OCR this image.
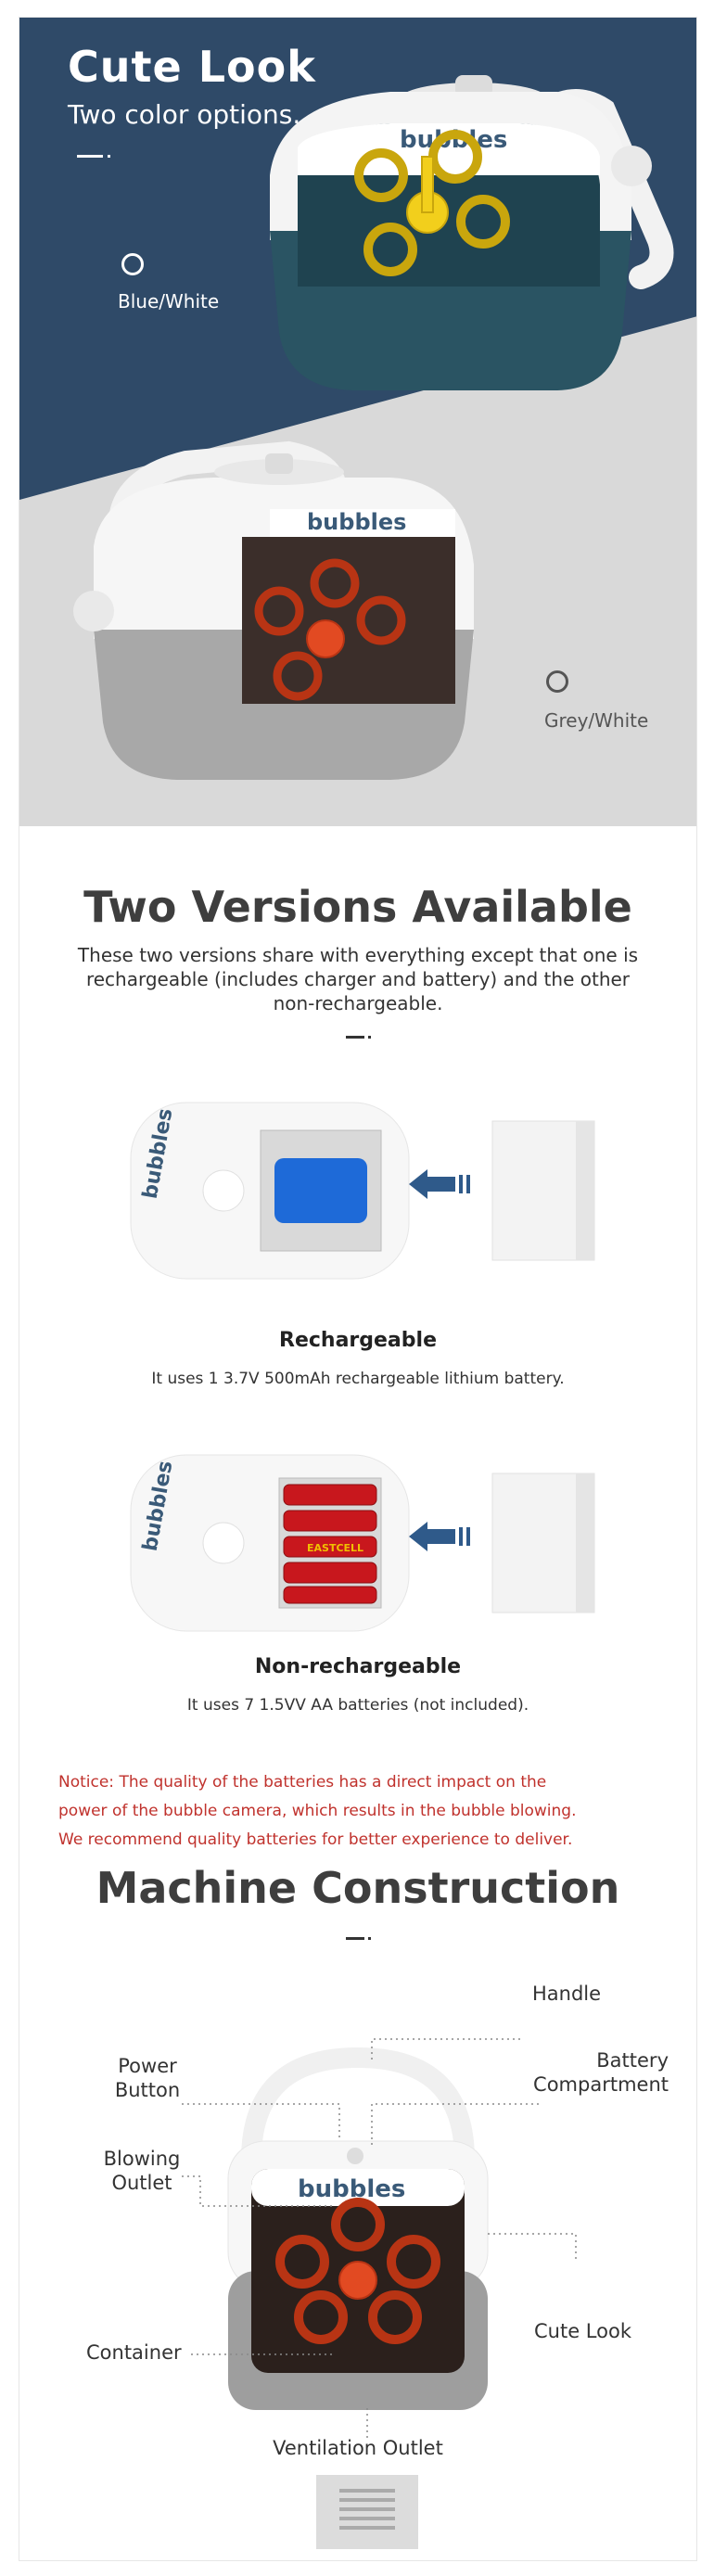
bubbles
Cute Look
Two color options.
Blue/White
bubbles
Grey/White
Two Versions Available
These two versions share with everything except that one is rechargeable (includes charger and battery) and the other non-rechargeable.
bubbles
Rechargeable
It uses 1 3.7V 500mAh rechargeable lithium battery.
EASTCELL
bubbles
Non-rechargeable
It uses 7 1.5VV AA batteries (not included).
Notice: The quality of the batteries has a direct impact on the
power of the bubble camera, which results in the bubble blowing.
We recommend quality batteries for better experience to deliver.
Machine Construction
bubbles
Handle
Power
Button
Battery
Compartment
Blowing
Outlet
Container
Cute Look
Ventilation Outlet
